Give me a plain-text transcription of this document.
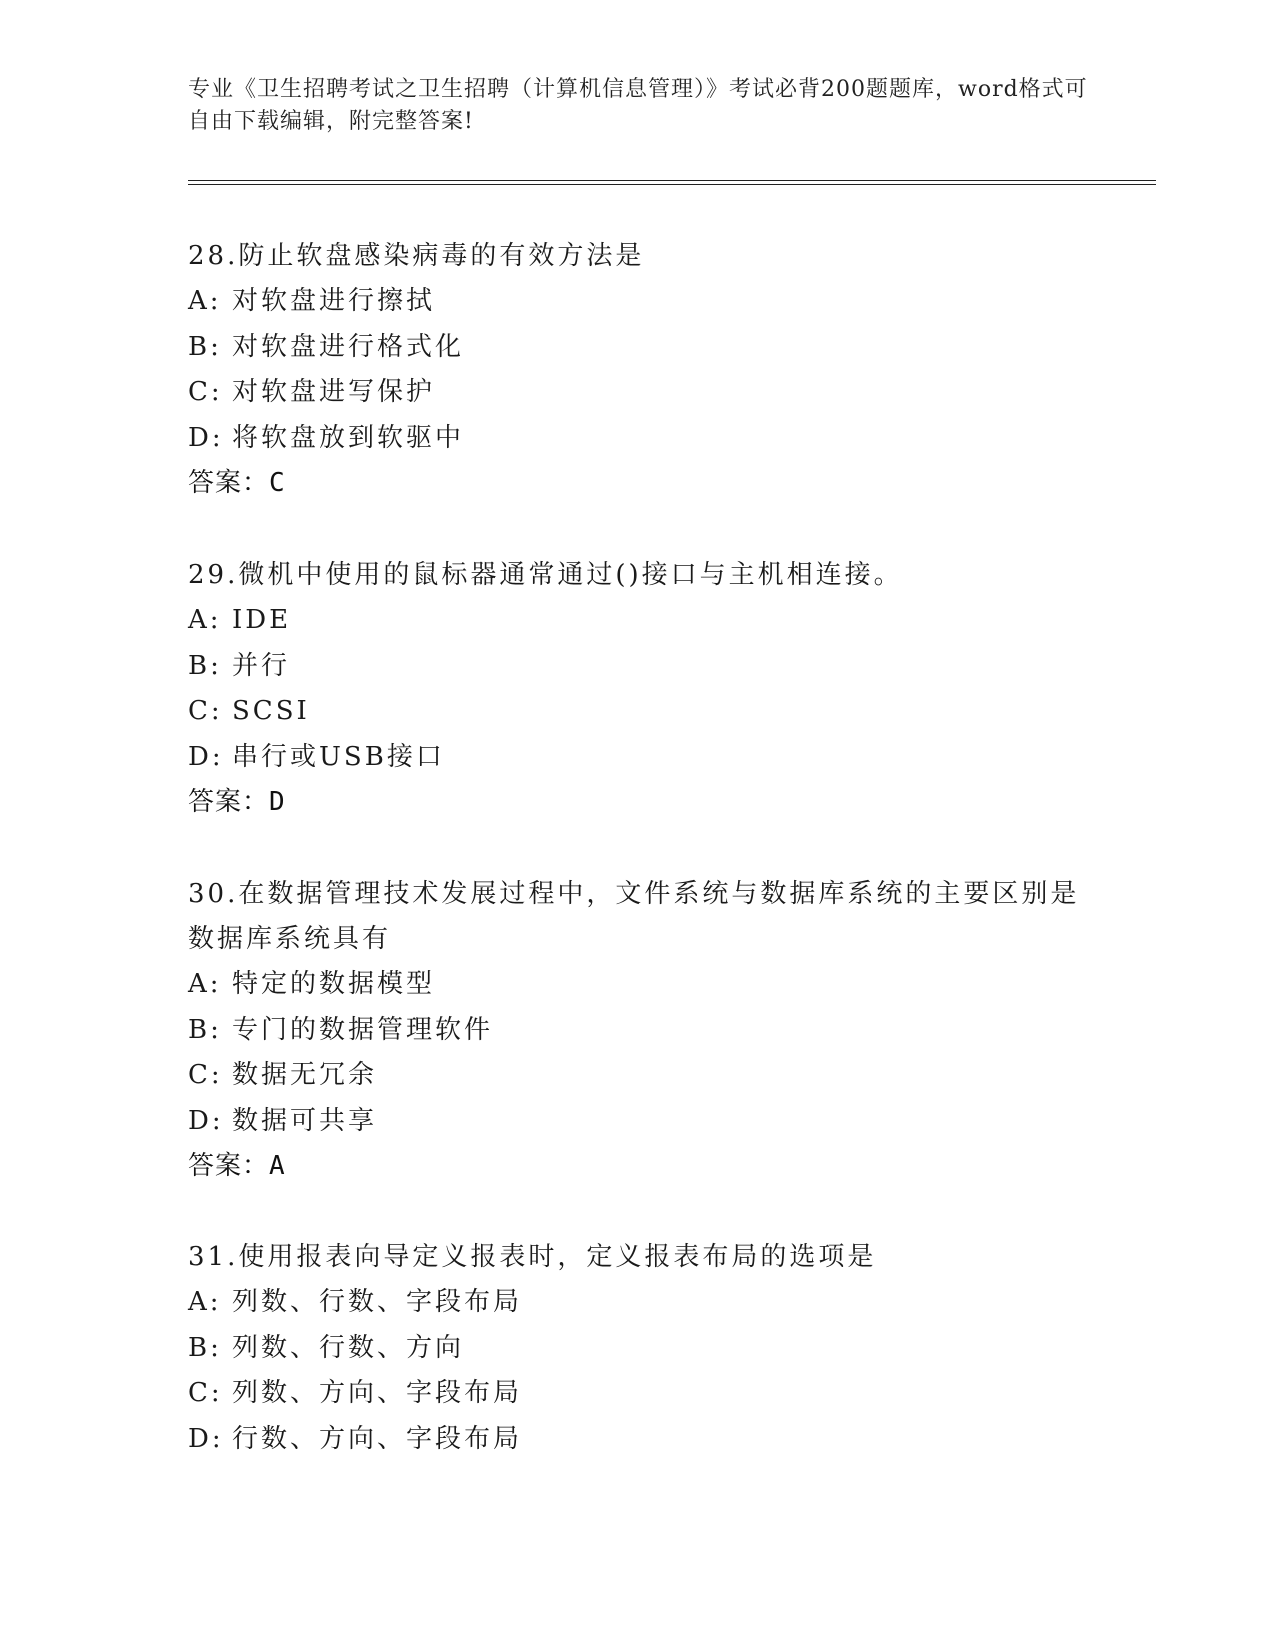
专业《卫生招聘考试之卫生招聘（计算机信息管理）》考试必背200题题库，word格式可自由下载编辑，附完整答案!
28.防止软盘感染病毒的有效方法是
A: 对软盘进行擦拭
B: 对软盘进行格式化
C: 对软盘进写保护
D: 将软盘放到软驱中
答案：C
29.微机中使用的鼠标器通常通过()接口与主机相连接。
A: IDE
B: 并行
C: SCSI
D: 串行或USB接口
答案：D
30.在数据管理技术发展过程中，文件系统与数据库系统的主要区别是数据库系统具有
A: 特定的数据模型
B: 专门的数据管理软件
C: 数据无冗余
D: 数据可共享
答案：A
31.使用报表向导定义报表时，定义报表布局的选项是
A: 列数、行数、字段布局
B: 列数、行数、方向
C: 列数、方向、字段布局
D: 行数、方向、字段布局
